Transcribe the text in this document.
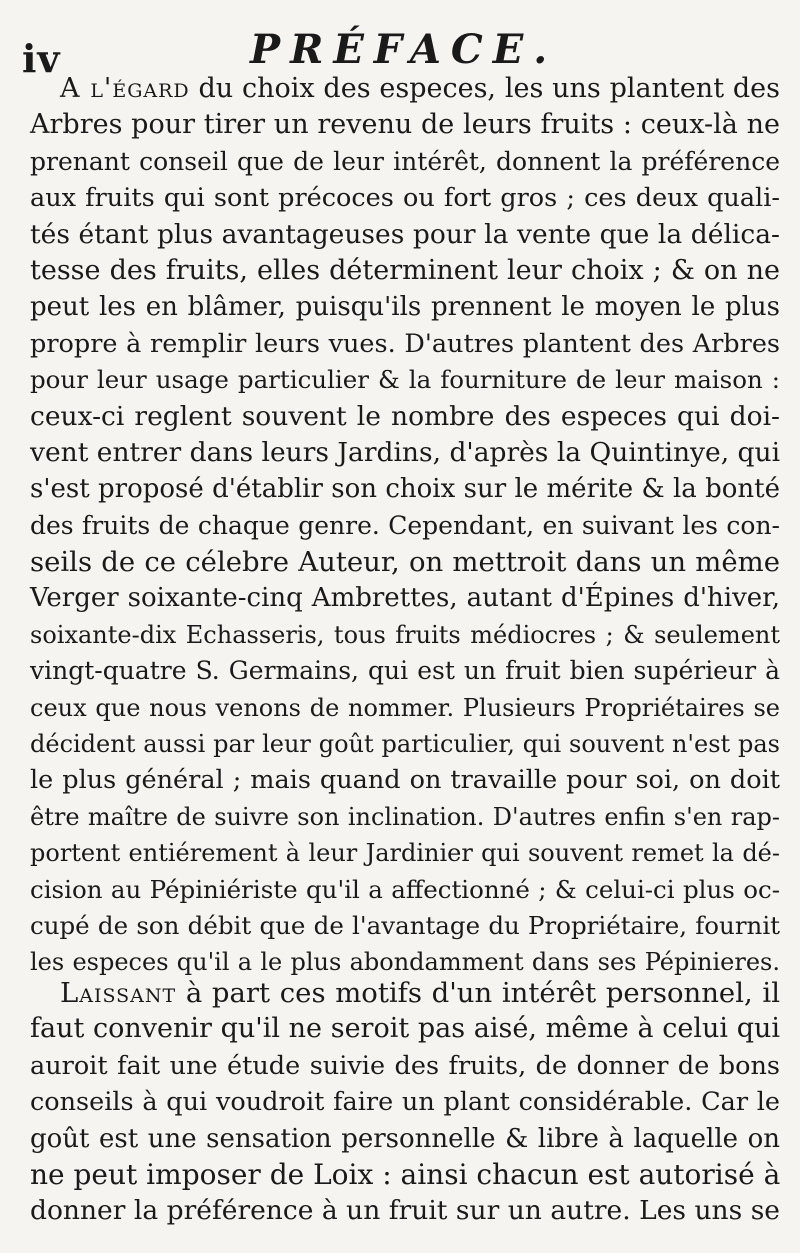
iv	PRÉFACE.
A l'égard du choix des especes, les uns plantent des
Arbres pour tirer un revenu de leurs fruits : ceux-là ne
prenant conseil que de leur intérêt, donnent la préférence
aux fruits qui sont précoces ou fort gros ; ces deux quali-
tés étant plus avantageuses pour la vente que la délica-
tesse des fruits, elles déterminent leur choix ; & on ne
peut les en blâmer, puisqu'ils prennent le moyen le plus
propre à remplir leurs vues. D'autres plantent des Arbres
pour leur usage particulier & la fourniture de leur maison :
ceux-ci reglent souvent le nombre des especes qui doi-
vent entrer dans leurs Jardins, d'après la Quintinye, qui
s'est proposé d'établir son choix sur le mérite & la bonté
des fruits de chaque genre. Cependant, en suivant les con-
seils de ce célebre Auteur, on mettroit dans un même
Verger soixante-cinq Ambrettes, autant d'Épines d'hiver,
soixante-dix Echasseris, tous fruits médiocres ; & seulement
vingt-quatre S. Germains, qui est un fruit bien supérieur à
ceux que nous venons de nommer. Plusieurs Propriétaires se
décident aussi par leur goût particulier, qui souvent n'est pas
le plus général ; mais quand on travaille pour soi, on doit
être maître de suivre son inclination. D'autres enfin s'en rap-
portent entiérement à leur Jardinier qui souvent remet la dé-
cision au Pépiniériste qu'il a affectionné ; & celui-ci plus oc-
cupé de son débit que de l'avantage du Propriétaire, fournit
les especes qu'il a le plus abondamment dans ses Pépinieres.
Laissant à part ces motifs d'un intérêt personnel, il
faut convenir qu'il ne seroit pas aisé, même à celui qui
auroit fait une étude suivie des fruits, de donner de bons
conseils à qui voudroit faire un plant considérable. Car le
goût est une sensation personnelle & libre à laquelle on
ne peut imposer de Loix : ainsi chacun est autorisé à
donner la préférence à un fruit sur un autre. Les uns se
